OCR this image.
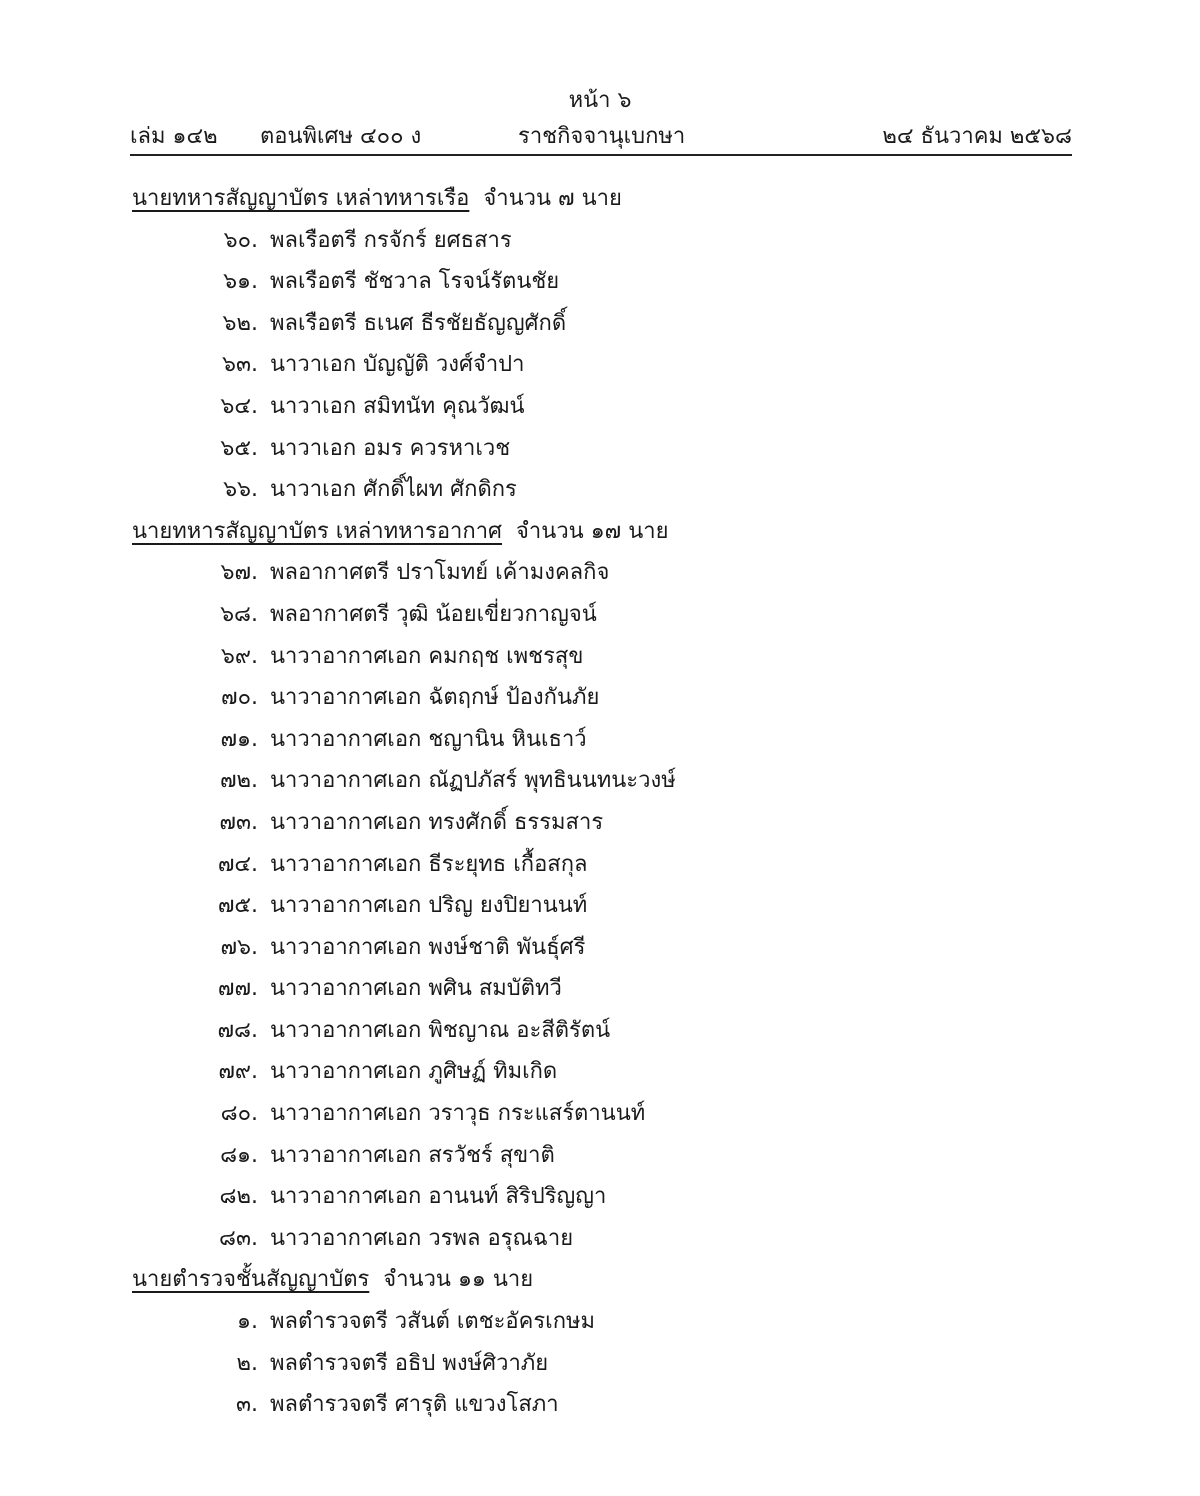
หน้า ๖
เล่ม ๑๔๒ ตอนพิเศษ ๔๐๐ ง	ราชกิจจานุเบกษา	๒๔ ธันวาคม ๒๕๖๘
นายทหารสัญญาบัตร เหล่าทหารเรือ จำนวน ๗ นาย
๖๐. พลเรือตรี กรจักร์ ยศธสาร
๖๑. พลเรือตรี ชัชวาล โรจน์รัตนชัย
๖๒. พลเรือตรี ธเนศ ธีรชัยธัญญศักดิ์
๖๓. นาวาเอก บัญญัติ วงศ์จำปา
๖๔. นาวาเอก สมิทนัท คุณวัฒน์
๖๕. นาวาเอก อมร ควรหาเวช
๖๖. นาวาเอก ศักดิ์ไผท ศักดิกร
นายทหารสัญญาบัตร เหล่าทหารอากาศ จำนวน ๑๗ นาย
๖๗. พลอากาศตรี ปราโมทย์ เค้ามงคลกิจ
๖๘. พลอากาศตรี วุฒิ น้อยเขี่ยวกาญจน์
๖๙. นาวาอากาศเอก คมกฤช เพชรสุข
๗๐. นาวาอากาศเอก ฉัตฤกษ์ ป้องกันภัย
๗๑. นาวาอากาศเอก ชญานิน หินเธาว์
๗๒. นาวาอากาศเอก ณัฏปภัสร์ พุทธินนทนะวงษ์
๗๓. นาวาอากาศเอก ทรงศักดิ์ ธรรมสาร
๗๔. นาวาอากาศเอก ธีระยุทธ เกื้อสกุล
๗๕. นาวาอากาศเอก ปริญ ยงปิยานนท์
๗๖. นาวาอากาศเอก พงษ์ชาติ พันธุ์ศรี
๗๗. นาวาอากาศเอก พศิน สมบัติทวี
๗๘. นาวาอากาศเอก พิชญาณ อะสีติรัตน์
๗๙. นาวาอากาศเอก ภูศิษฏ์ ทิมเกิด
๘๐. นาวาอากาศเอก วราวุธ กระแสร์ตานนท์
๘๑. นาวาอากาศเอก สรวัชร์ สุขาติ
๘๒. นาวาอากาศเอก อานนท์ สิริปริญญา
๘๓. นาวาอากาศเอก วรพล อรุณฉาย
นายตำรวจชั้นสัญญาบัตร จำนวน ๑๑ นาย
๑. พลตำรวจตรี วสันต์ เตชะอัครเกษม
๒. พลตำรวจตรี อธิป พงษ์ศิวาภัย
๓. พลตำรวจตรี ศารุติ แขวงโสภา
